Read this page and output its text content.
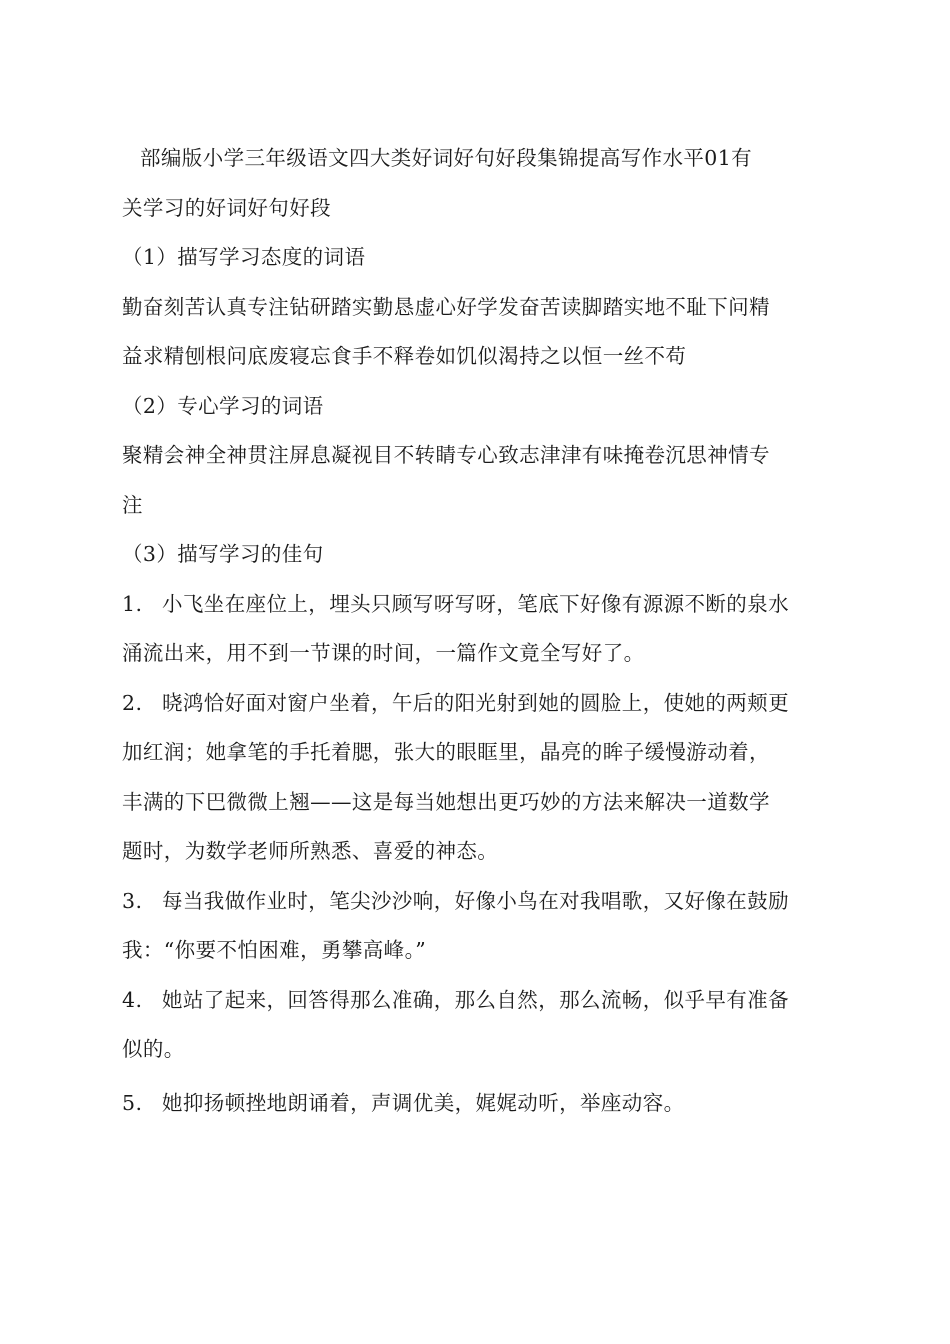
部编版小学三年级语文四大类好词好句好段集锦提高写作水平01有
关学习的好词好句好段
（1）描写学习态度的词语
勤奋刻苦认真专注钻研踏实勤恳虚心好学发奋苦读脚踏实地不耻下问精
益求精刨根问底废寝忘食手不释卷如饥似渴持之以恒一丝不苟
（2）专心学习的词语
聚精会神全神贯注屏息凝视目不转睛专心致志津津有味掩卷沉思神情专
注
（3）描写学习的佳句
1. 小飞坐在座位上，埋头只顾写呀写呀，笔底下好像有源源不断的泉水
涌流出来，用不到一节课的时间，一篇作文竟全写好了。
2. 晓鸿恰好面对窗户坐着，午后的阳光射到她的圆脸上，使她的两颊更
加红润；她拿笔的手托着腮，张大的眼眶里，晶亮的眸子缓慢游动着，
丰满的下巴微微上翘——这是每当她想出更巧妙的方法来解决一道数学
题时，为数学老师所熟悉、喜爱的神态。
3. 每当我做作业时，笔尖沙沙响，好像小鸟在对我唱歌，又好像在鼓励
我：“你要不怕困难，勇攀高峰。”
4. 她站了起来，回答得那么准确，那么自然，那么流畅，似乎早有准备
似的。
5. 她抑扬顿挫地朗诵着，声调优美，娓娓动听，举座动容。
